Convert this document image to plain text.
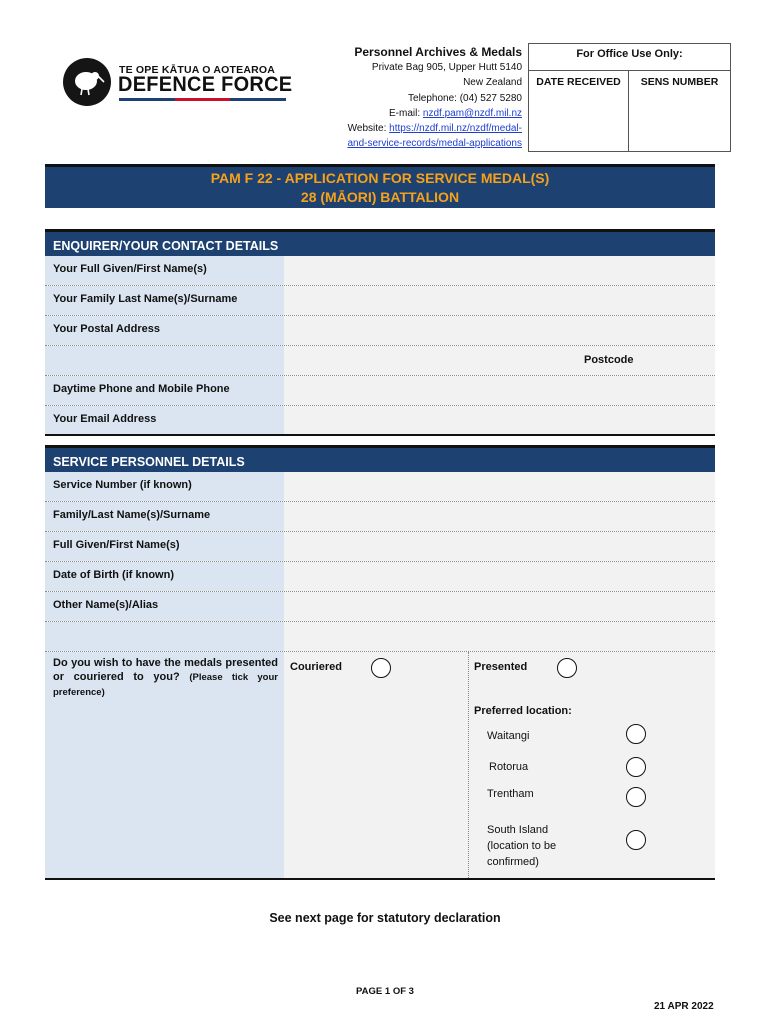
TE OPE KĀTUA O AOTEAROA
DEFENCE FORCE
Personnel Archives & Medals
Private Bag 905, Upper Hutt 5140
New Zealand
Telephone: (04) 527 5280
E-mail: nzdf.pam@nzdf.mil.nz
Website: https://nzdf.mil.nz/nzdf/medal-
and-service-records/medal-applications
For Office Use Only:
DATE RECEIVED	SENS NUMBER
PAM F 22 - APPLICATION FOR SERVICE MEDAL(S)
28 (MĀORI) BATTALION
ENQUIRER/YOUR CONTACT DETAILS
Your Full Given/First Name(s)
Your Family Last Name(s)/Surname
Your Postal Address
Postcode
Daytime Phone and Mobile Phone
Your Email Address
SERVICE PERSONNEL DETAILS
Service Number (if known)
Family/Last Name(s)/Surname
Full Given/First Name(s)
Date of Birth (if known)
Other Name(s)/Alias
Do you wish to have the medals presented or couriered to you? (Please tick your preference)
Couriered	Presented
Preferred location:
Waitangi
Rotorua
Trentham
South Island (location to be confirmed)
See next page for statutory declaration
PAGE 1 OF 3
21 APR 2022
